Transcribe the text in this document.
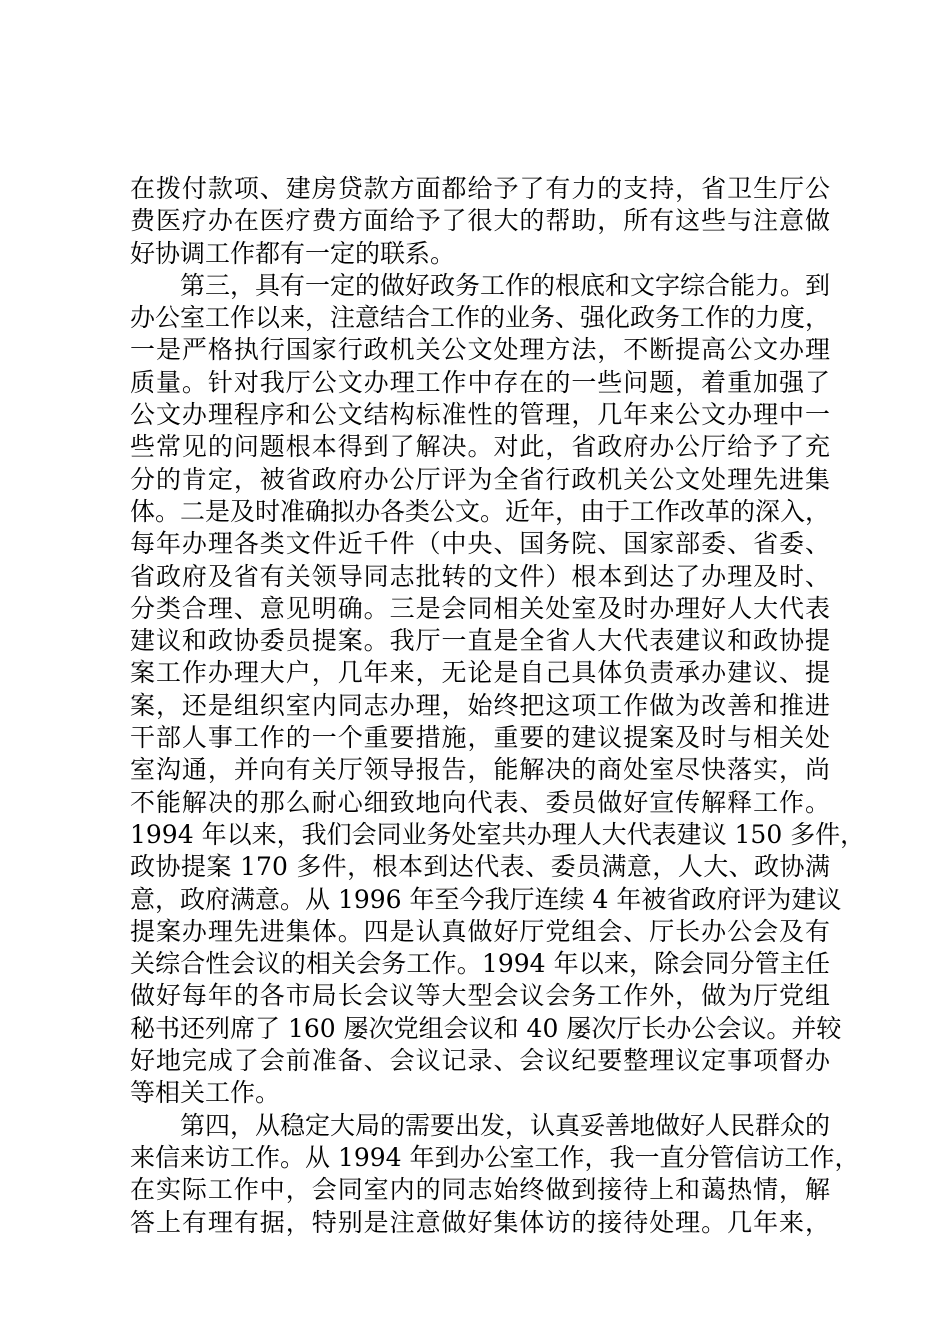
在拨付款项、建房贷款方面都给予了有力的支持，省卫生厅公
费医疗办在医疗费方面给予了很大的帮助，所有这些与注意做
好协调工作都有一定的联系。
　　第三，具有一定的做好政务工作的根底和文字综合能力。到
办公室工作以来，注意结合工作的业务、强化政务工作的力度，
一是严格执行国家行政机关公文处理方法，不断提高公文办理
质量。针对我厅公文办理工作中存在的一些问题，着重加强了
公文办理程序和公文结构标准性的管理，几年来公文办理中一
些常见的问题根本得到了解决。对此，省政府办公厅给予了充
分的肯定，被省政府办公厅评为全省行政机关公文处理先进集
体。二是及时准确拟办各类公文。近年，由于工作改革的深入，
每年办理各类文件近千件（中央、国务院、国家部委、省委、
省政府及省有关领导同志批转的文件）根本到达了办理及时、
分类合理、意见明确。三是会同相关处室及时办理好人大代表
建议和政协委员提案。我厅一直是全省人大代表建议和政协提
案工作办理大户，几年来，无论是自己具体负责承办建议、提
案，还是组织室内同志办理，始终把这项工作做为改善和推进
干部人事工作的一个重要措施，重要的建议提案及时与相关处
室沟通，并向有关厅领导报告，能解决的商处室尽快落实，尚
不能解决的那么耐心细致地向代表、委员做好宣传解释工作。
1994 年以来，我们会同业务处室共办理人大代表建议 150 多件，
政协提案 170 多件，根本到达代表、委员满意，人大、政协满
意，政府满意。从 1996 年至今我厅连续 4 年被省政府评为建议
提案办理先进集体。四是认真做好厅党组会、厅长办公会及有
关综合性会议的相关会务工作。1994 年以来，除会同分管主任
做好每年的各市局长会议等大型会议会务工作外，做为厅党组
秘书还列席了 160 屡次党组会议和 40 屡次厅长办公会议。并较
好地完成了会前准备、会议记录、会议纪要整理议定事项督办
等相关工作。
　　第四，从稳定大局的需要出发，认真妥善地做好人民群众的
来信来访工作。从 1994 年到办公室工作，我一直分管信访工作，
在实际工作中，会同室内的同志始终做到接待上和蔼热情，解
答上有理有据，特别是注意做好集体访的接待处理。几年来，
